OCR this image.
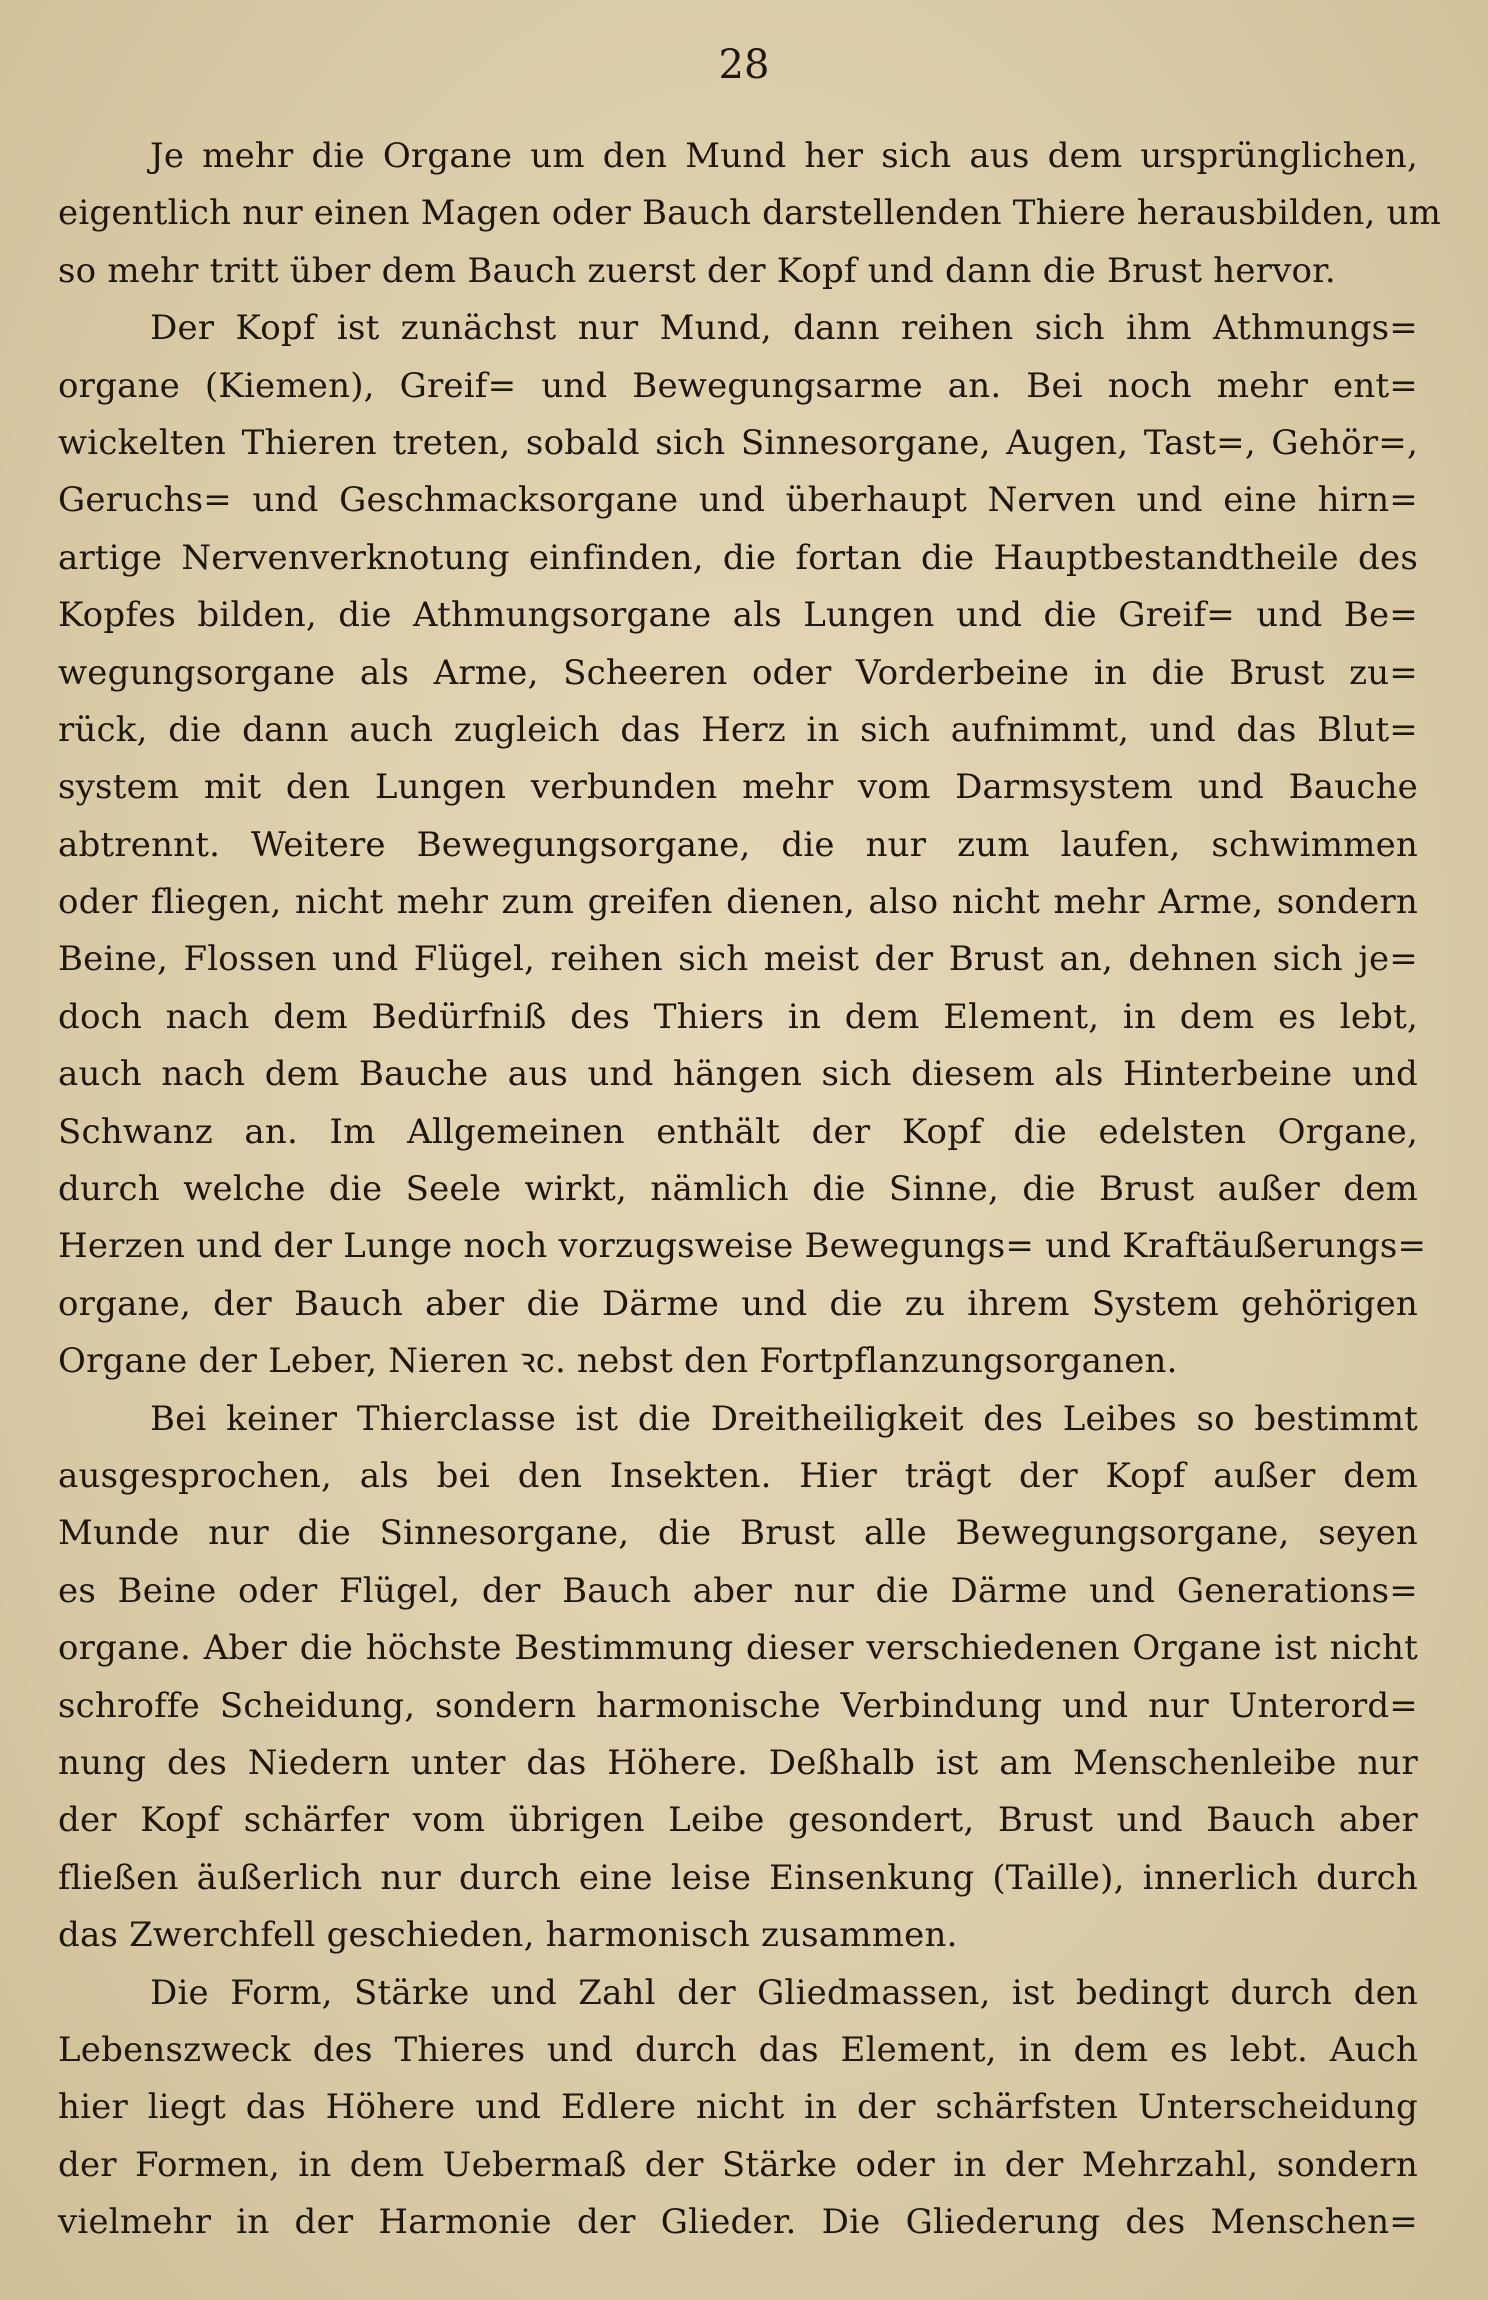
28
Je mehr die Organe um den Mund her sich aus dem ursprünglichen,
eigentlich nur einen Magen oder Bauch darstellenden Thiere herausbilden, um
so mehr tritt über dem Bauch zuerst der Kopf und dann die Brust hervor.
Der Kopf ist zunächst nur Mund, dann reihen sich ihm Athmungs=
organe (Kiemen), Greif= und Bewegungsarme an. Bei noch mehr ent=
wickelten Thieren treten, sobald sich Sinnesorgane, Augen, Tast=, Gehör=,
Geruchs= und Geschmacksorgane und überhaupt Nerven und eine hirn=
artige Nervenverknotung einfinden, die fortan die Hauptbestandtheile des
Kopfes bilden, die Athmungsorgane als Lungen und die Greif= und Be=
wegungsorgane als Arme, Scheeren oder Vorderbeine in die Brust zu=
rück, die dann auch zugleich das Herz in sich aufnimmt, und das Blut=
system mit den Lungen verbunden mehr vom Darmsystem und Bauche
abtrennt. Weitere Bewegungsorgane, die nur zum laufen, schwimmen
oder fliegen, nicht mehr zum greifen dienen, also nicht mehr Arme, sondern
Beine, Flossen und Flügel, reihen sich meist der Brust an, dehnen sich je=
doch nach dem Bedürfniß des Thiers in dem Element, in dem es lebt,
auch nach dem Bauche aus und hängen sich diesem als Hinterbeine und
Schwanz an. Im Allgemeinen enthält der Kopf die edelsten Organe,
durch welche die Seele wirkt, nämlich die Sinne, die Brust außer dem
Herzen und der Lunge noch vorzugsweise Bewegungs= und Kraftäußerungs=
organe, der Bauch aber die Därme und die zu ihrem System gehörigen
Organe der Leber, Nieren ꝛc. nebst den Fortpflanzungsorganen.
Bei keiner Thierclasse ist die Dreitheiligkeit des Leibes so bestimmt
ausgesprochen, als bei den Insekten. Hier trägt der Kopf außer dem
Munde nur die Sinnesorgane, die Brust alle Bewegungsorgane, seyen
es Beine oder Flügel, der Bauch aber nur die Därme und Generations=
organe. Aber die höchste Bestimmung dieser verschiedenen Organe ist nicht
schroffe Scheidung, sondern harmonische Verbindung und nur Unterord=
nung des Niedern unter das Höhere. Deßhalb ist am Menschenleibe nur
der Kopf schärfer vom übrigen Leibe gesondert, Brust und Bauch aber
fließen äußerlich nur durch eine leise Einsenkung (Taille), innerlich durch
das Zwerchfell geschieden, harmonisch zusammen.
Die Form, Stärke und Zahl der Gliedmassen, ist bedingt durch den
Lebenszweck des Thieres und durch das Element, in dem es lebt. Auch
hier liegt das Höhere und Edlere nicht in der schärfsten Unterscheidung
der Formen, in dem Uebermaß der Stärke oder in der Mehrzahl, sondern
vielmehr in der Harmonie der Glieder. Die Gliederung des Menschen=
